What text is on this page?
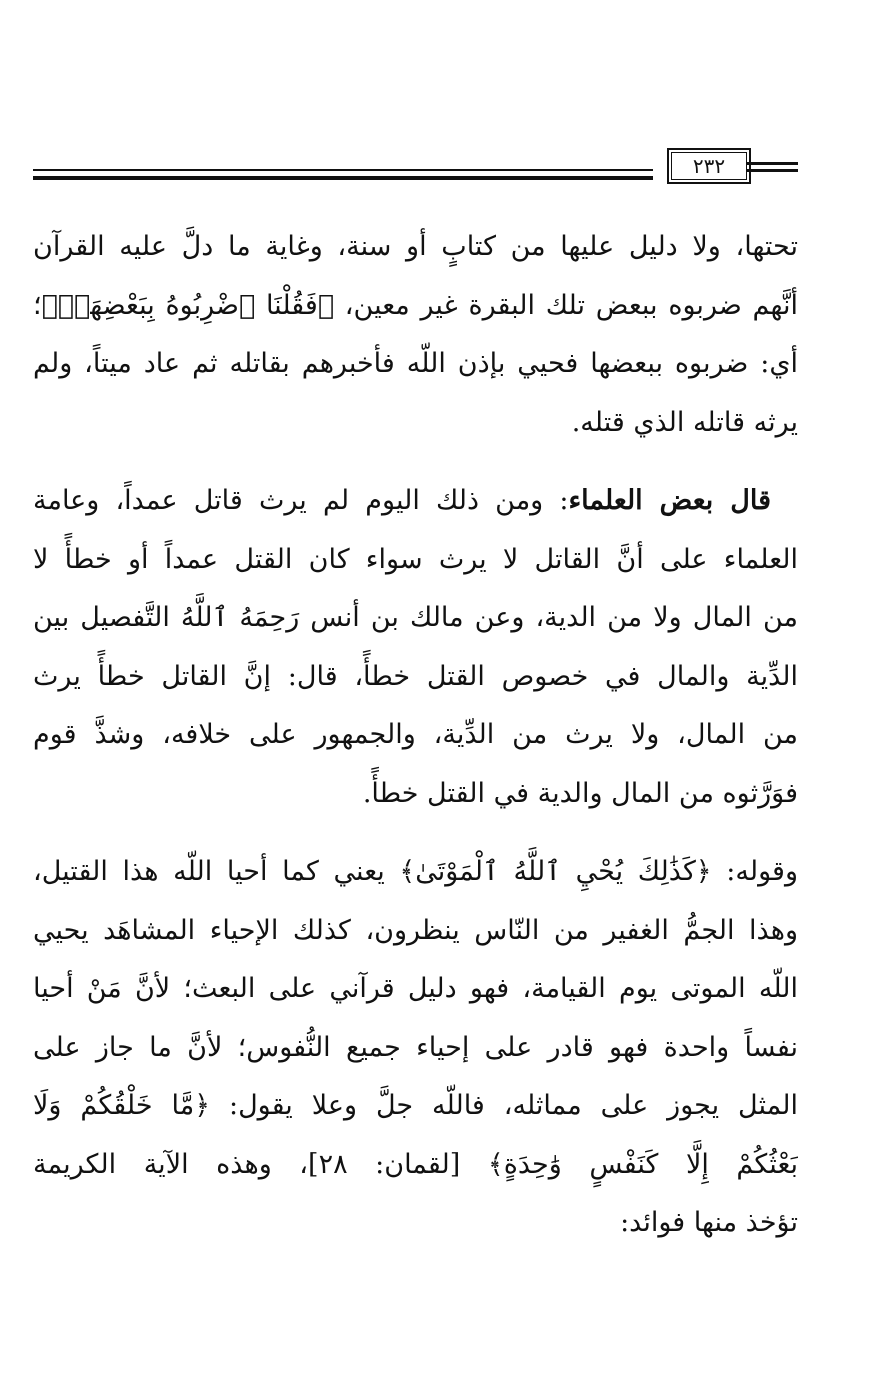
٢٣٢
تحتها، ولا دليل عليها من كتابٍ أو سنة، وغاية ما دلَّ عليه القرآن
أنَّهم ضربوه ببعض تلك البقرة غير معين، ﴿فَقُلْنَا ٱضْرِبُوهُ بِبَعْضِهَاۚ﴾؛
أي: ضربوه ببعضها فحيي بإذن اللّه فأخبرهم بقاتله ثم عاد ميتاً، ولم
يرثه قاتله الذي قتله.
 قال بعض العلماء: ومن ذلك اليوم لم يرث قاتل عمداً، وعامة
العلماء على أنَّ القاتل لا يرث سواء كان القتل عمداً أو خطأً لا
من المال ولا من الدية، وعن مالك بن أنس رَحِمَهُ ٱللَّهُ التَّفصيل بين
الدِّية والمال في خصوص القتل خطأً، قال: إنَّ القاتل خطأً يرث
من المال، ولا يرث من الدِّية، والجمهور على خلافه، وشذَّ قوم
فوَرَّثوه من المال والدية في القتل خطأً.
وقوله: ﴿كَذَٰلِكَ يُحْيِ ٱللَّهُ ٱلْمَوْتَىٰ﴾ يعني كما أحيا اللّه هذا القتيل،
وهذا الجمُّ الغفير من النّاس ينظرون، كذلك الإحياء المشاهَد يحيي
اللّه الموتى يوم القيامة، فهو دليل قرآني على البعث؛ لأنَّ مَنْ أحيا
نفساً واحدة فهو قادر على إحياء جميع النُّفوس؛ لأنَّ ما جاز على
المثل يجوز على مماثله، فاللّه جلَّ وعلا يقول: ﴿مَّا خَلْقُكُمْ وَلَا
بَعْثُكُمْ إِلَّا كَنَفْسٍ وَٰحِدَةٍ﴾ [لقمان: ٢٨]، وهذه الآية الكريمة
تؤخذ منها فوائد:
